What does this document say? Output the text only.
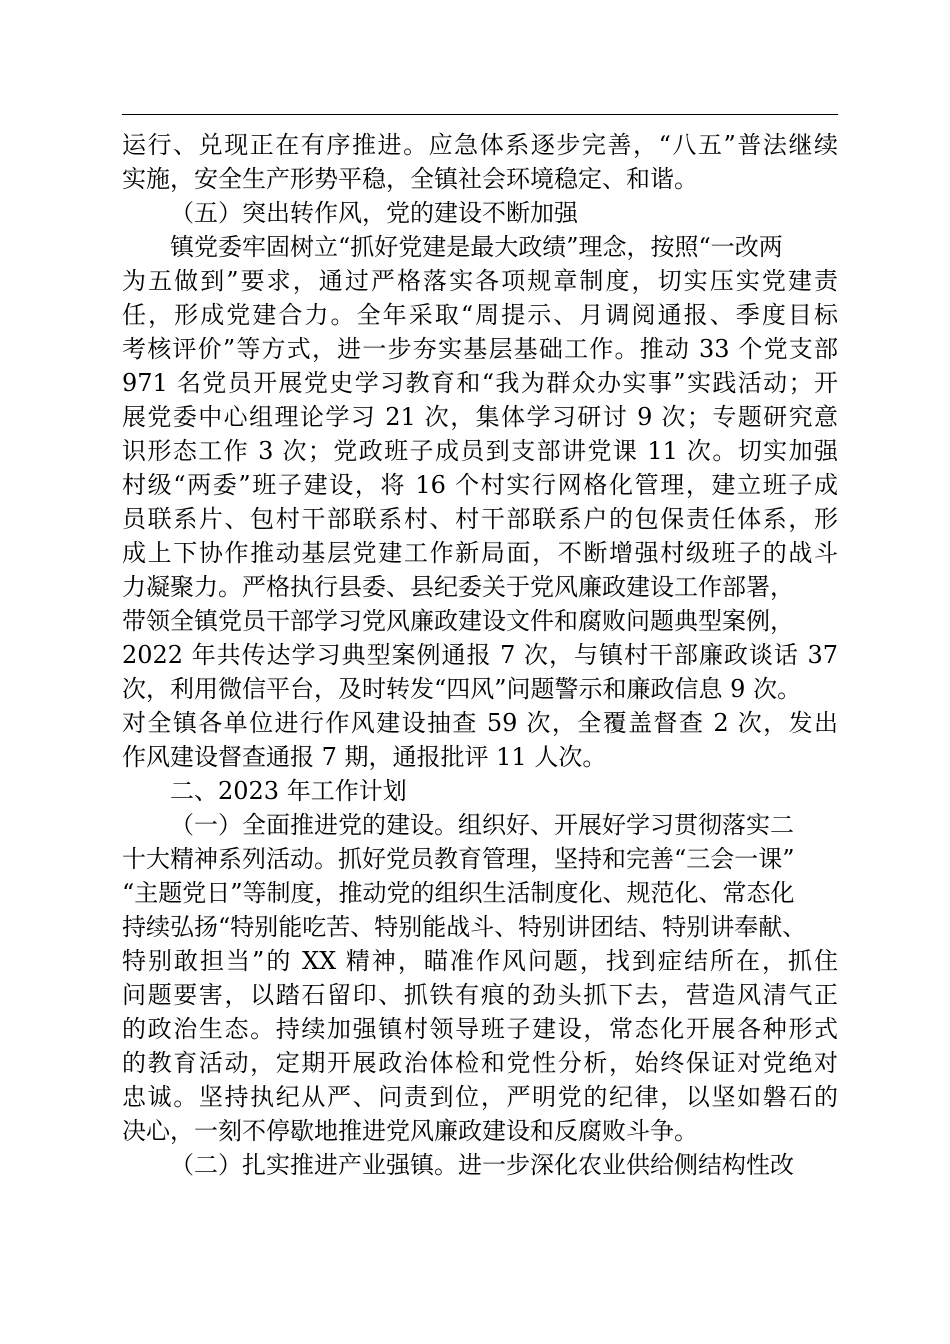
运行、兑现正在有序推进。应急体系逐步完善，“八五”普法继续
实施，安全生产形势平稳，全镇社会环境稳定、和谐。
（五）突出转作风，党的建设不断加强
镇党委牢固树立“抓好党建是最大政绩”理念，按照“一改两
为五做到”要求，通过严格落实各项规章制度，切实压实党建责
任，形成党建合力。全年采取“周提示、月调阅通报、季度目标
考核评价”等方式，进一步夯实基层基础工作。推动 33 个党支部
971 名党员开展党史学习教育和“我为群众办实事”实践活动；开
展党委中心组理论学习 21 次，集体学习研讨 9 次；专题研究意
识形态工作 3 次；党政班子成员到支部讲党课 11 次。切实加强
村级“两委”班子建设，将 16 个村实行网格化管理，建立班子成
员联系片、包村干部联系村、村干部联系户的包保责任体系，形
成上下协作推动基层党建工作新局面，不断增强村级班子的战斗
力凝聚力。严格执行县委、县纪委关于党风廉政建设工作部署，
带领全镇党员干部学习党风廉政建设文件和腐败问题典型案例，
2022 年共传达学习典型案例通报 7 次，与镇村干部廉政谈话 37
次，利用微信平台，及时转发“四风”问题警示和廉政信息 9 次。
对全镇各单位进行作风建设抽查 59 次，全覆盖督查 2 次，发出
作风建设督查通报 7 期，通报批评 11 人次。
二、2023 年工作计划
（一）全面推进党的建设。组织好、开展好学习贯彻落实二
十大精神系列活动。抓好党员教育管理，坚持和完善“三会一课”
“主题党日”等制度，推动党的组织生活制度化、规范化、常态化
持续弘扬“特别能吃苦、特别能战斗、特别讲团结、特别讲奉献、
特别敢担当”的 XX 精神，瞄准作风问题，找到症结所在，抓住
问题要害，以踏石留印、抓铁有痕的劲头抓下去，营造风清气正
的政治生态。持续加强镇村领导班子建设，常态化开展各种形式
的教育活动，定期开展政治体检和党性分析，始终保证对党绝对
忠诚。坚持执纪从严、问责到位，严明党的纪律，以坚如磐石的
决心，一刻不停歇地推进党风廉政建设和反腐败斗争。
（二）扎实推进产业强镇。进一步深化农业供给侧结构性改
